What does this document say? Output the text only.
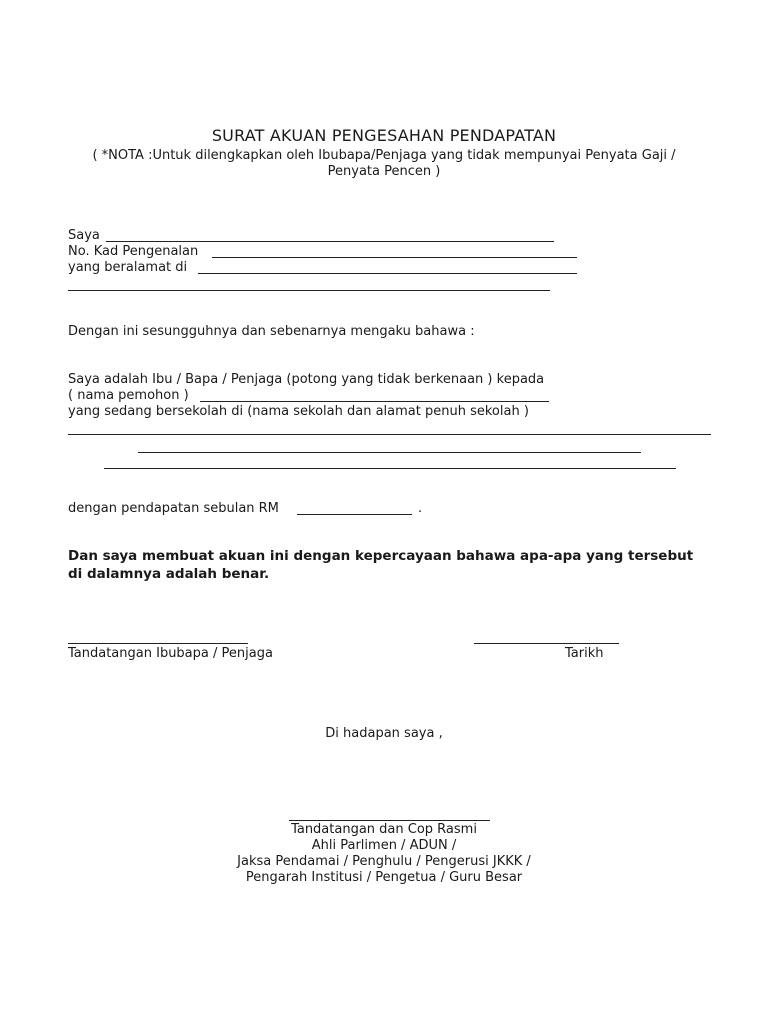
SURAT AKUAN PENGESAHAN PENDAPATAN
( *NOTA :Untuk dilengkapkan oleh Ibubapa/Penjaga yang tidak mempunyai Penyata Gaji /
Penyata Pencen )
Saya
No. Kad Pengenalan
yang beralamat di
Dengan ini sesungguhnya dan sebenarnya mengaku bahawa :
Saya adalah Ibu / Bapa / Penjaga (potong yang tidak berkenaan ) kepada
( nama pemohon )
yang sedang bersekolah di (nama sekolah dan alamat penuh sekolah )
dengan pendapatan sebulan RM	.
Dan saya membuat akuan ini dengan kepercayaan bahawa apa-apa yang tersebut
di dalamnya adalah benar.
Tandatangan Ibubapa / Penjaga	Tarikh
Di hadapan saya ,
Tandatangan dan Cop Rasmi
Ahli Parlimen / ADUN /
Jaksa Pendamai / Penghulu / Pengerusi JKKK /
Pengarah Institusi / Pengetua / Guru Besar
